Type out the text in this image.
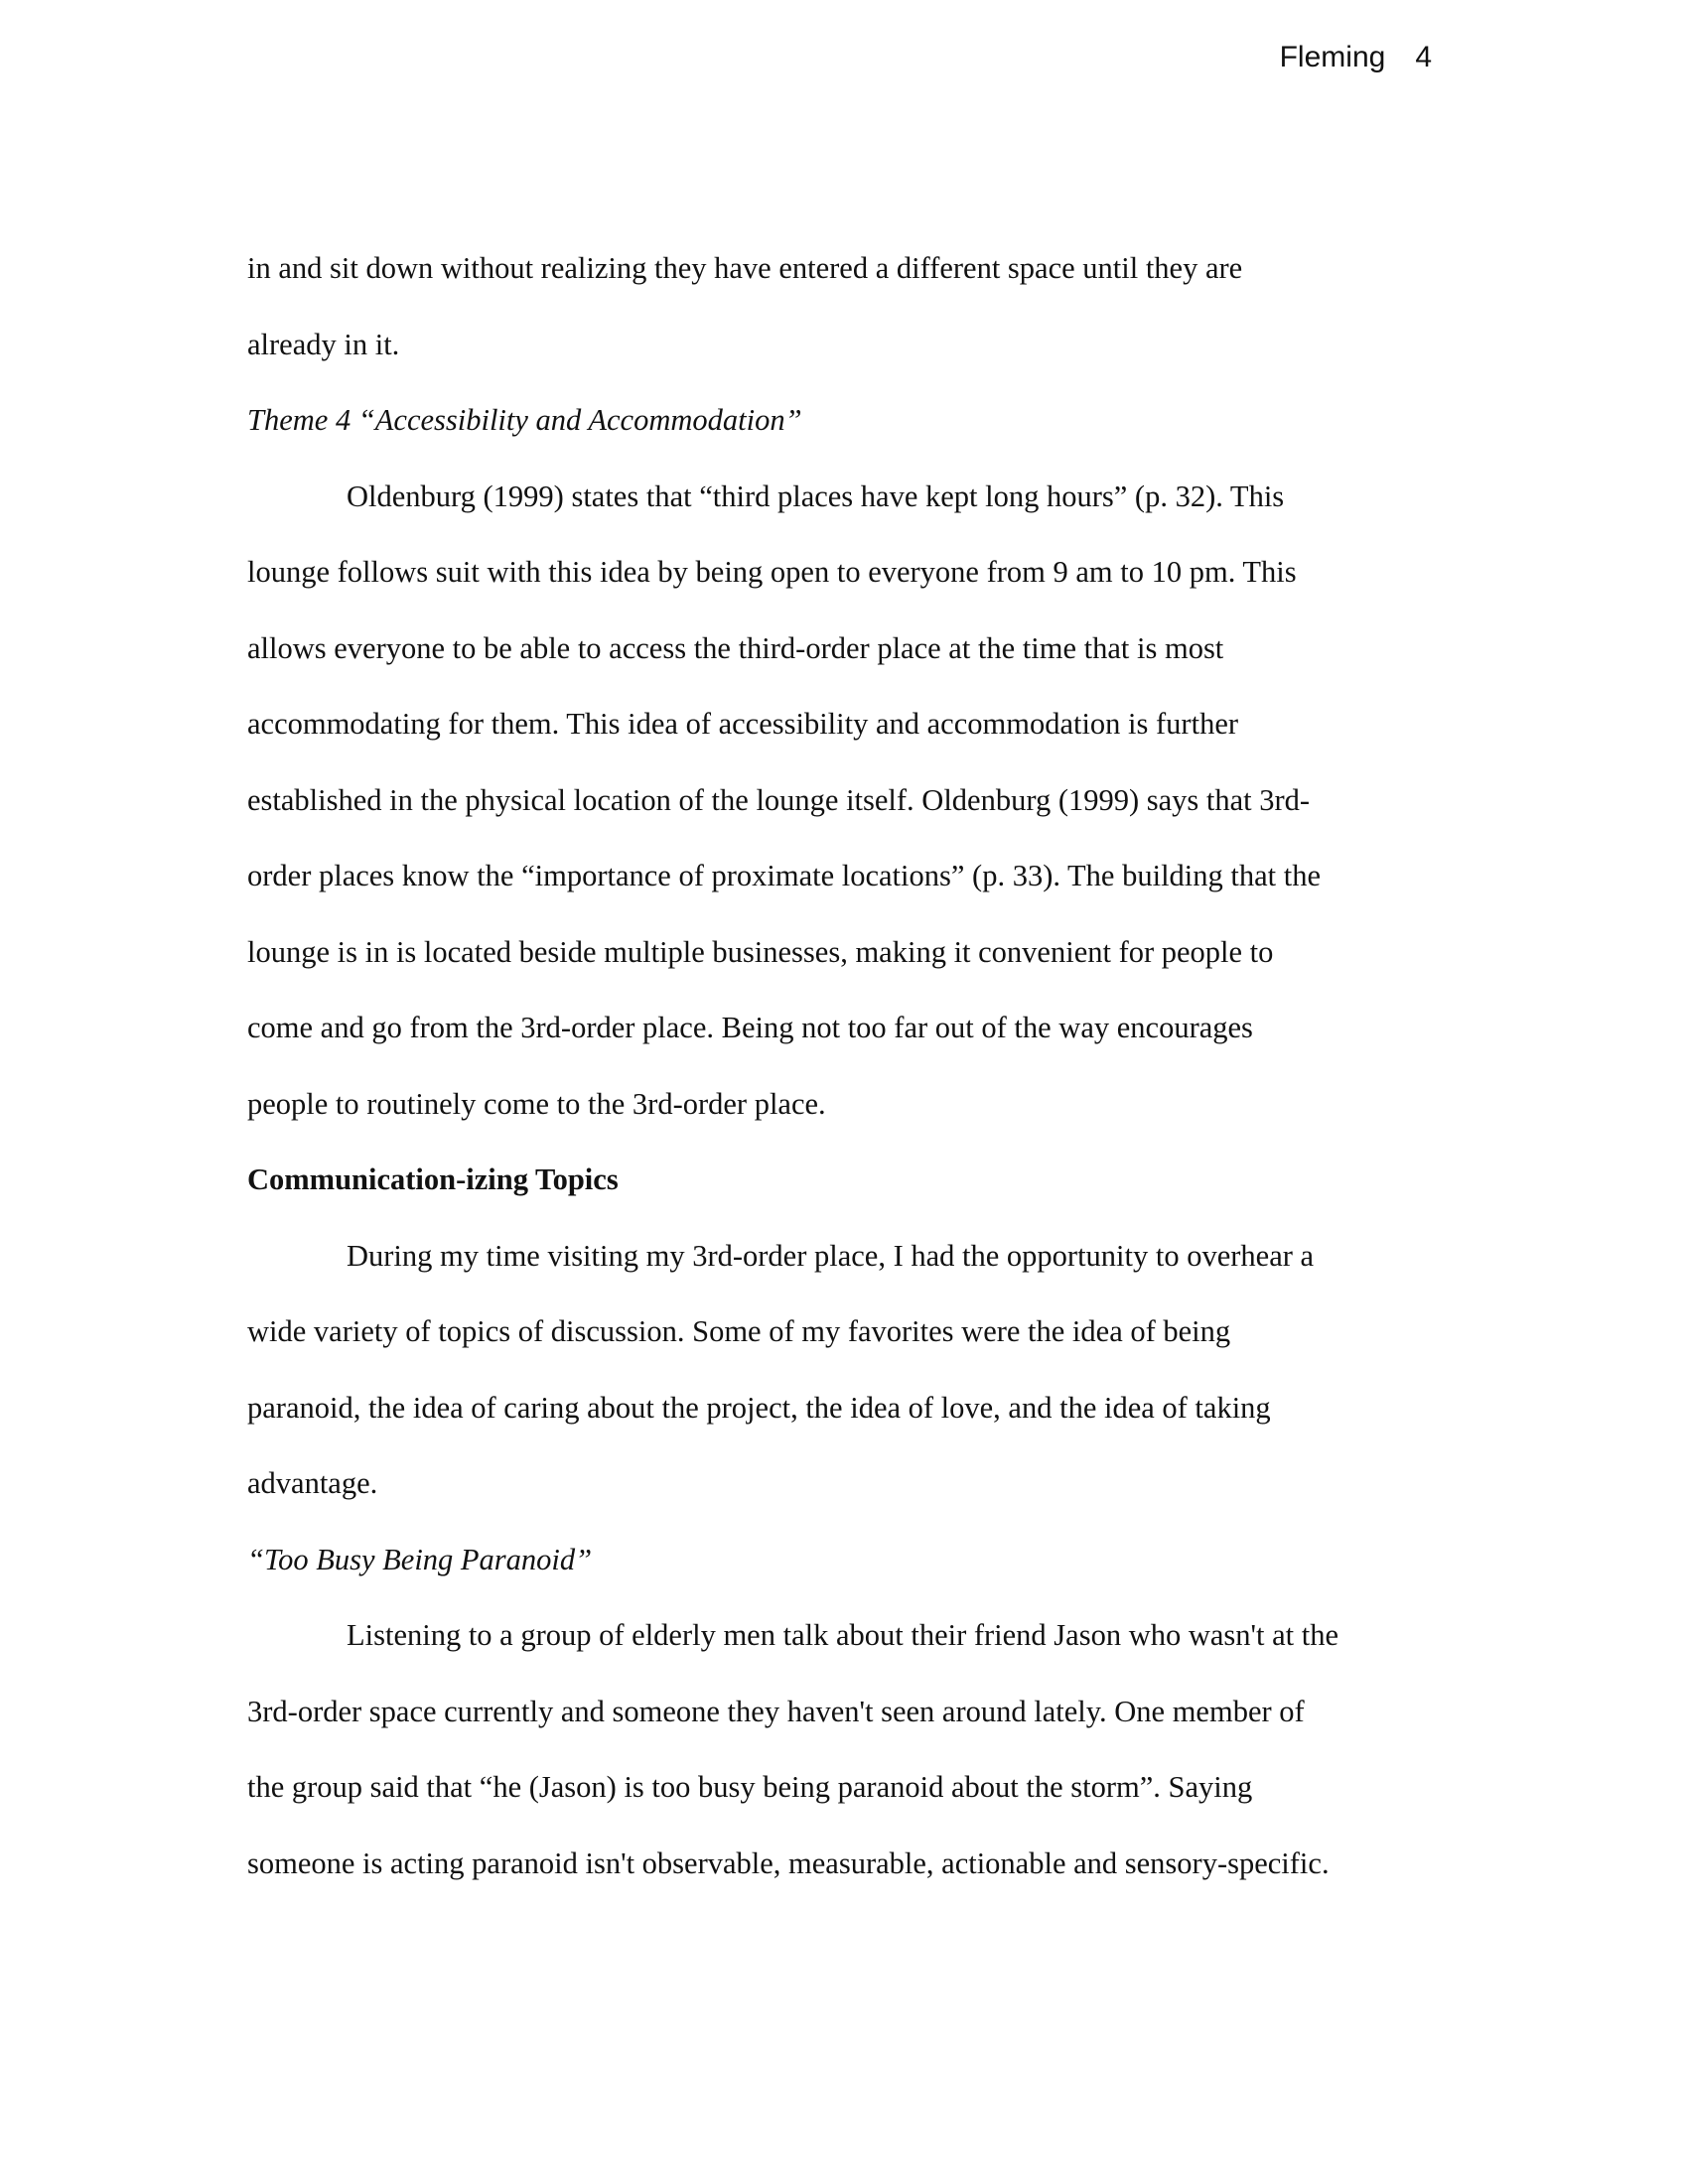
Fleming 4
in and sit down without realizing they have entered a different space until they are
already in it.
Theme 4 “Accessibility and Accommodation”
Oldenburg (1999) states that “third places have kept long hours” (p. 32). This
lounge follows suit with this idea by being open to everyone from 9 am to 10 pm. This
allows everyone to be able to access the third-order place at the time that is most
accommodating for them. This idea of accessibility and accommodation is further
established in the physical location of the lounge itself. Oldenburg (1999) says that 3rd-
order places know the “importance of proximate locations” (p. 33). The building that the
lounge is in is located beside multiple businesses, making it convenient for people to
come and go from the 3rd-order place. Being not too far out of the way encourages
people to routinely come to the 3rd-order place.
Communication-izing Topics
During my time visiting my 3rd-order place, I had the opportunity to overhear a
wide variety of topics of discussion. Some of my favorites were the idea of being
paranoid, the idea of caring about the project, the idea of love, and the idea of taking
advantage.
“Too Busy Being Paranoid”
Listening to a group of elderly men talk about their friend Jason who wasn't at the
3rd-order space currently and someone they haven't seen around lately. One member of
the group said that “he (Jason) is too busy being paranoid about the storm”. Saying
someone is acting paranoid isn't observable, measurable, actionable and sensory-specific.
